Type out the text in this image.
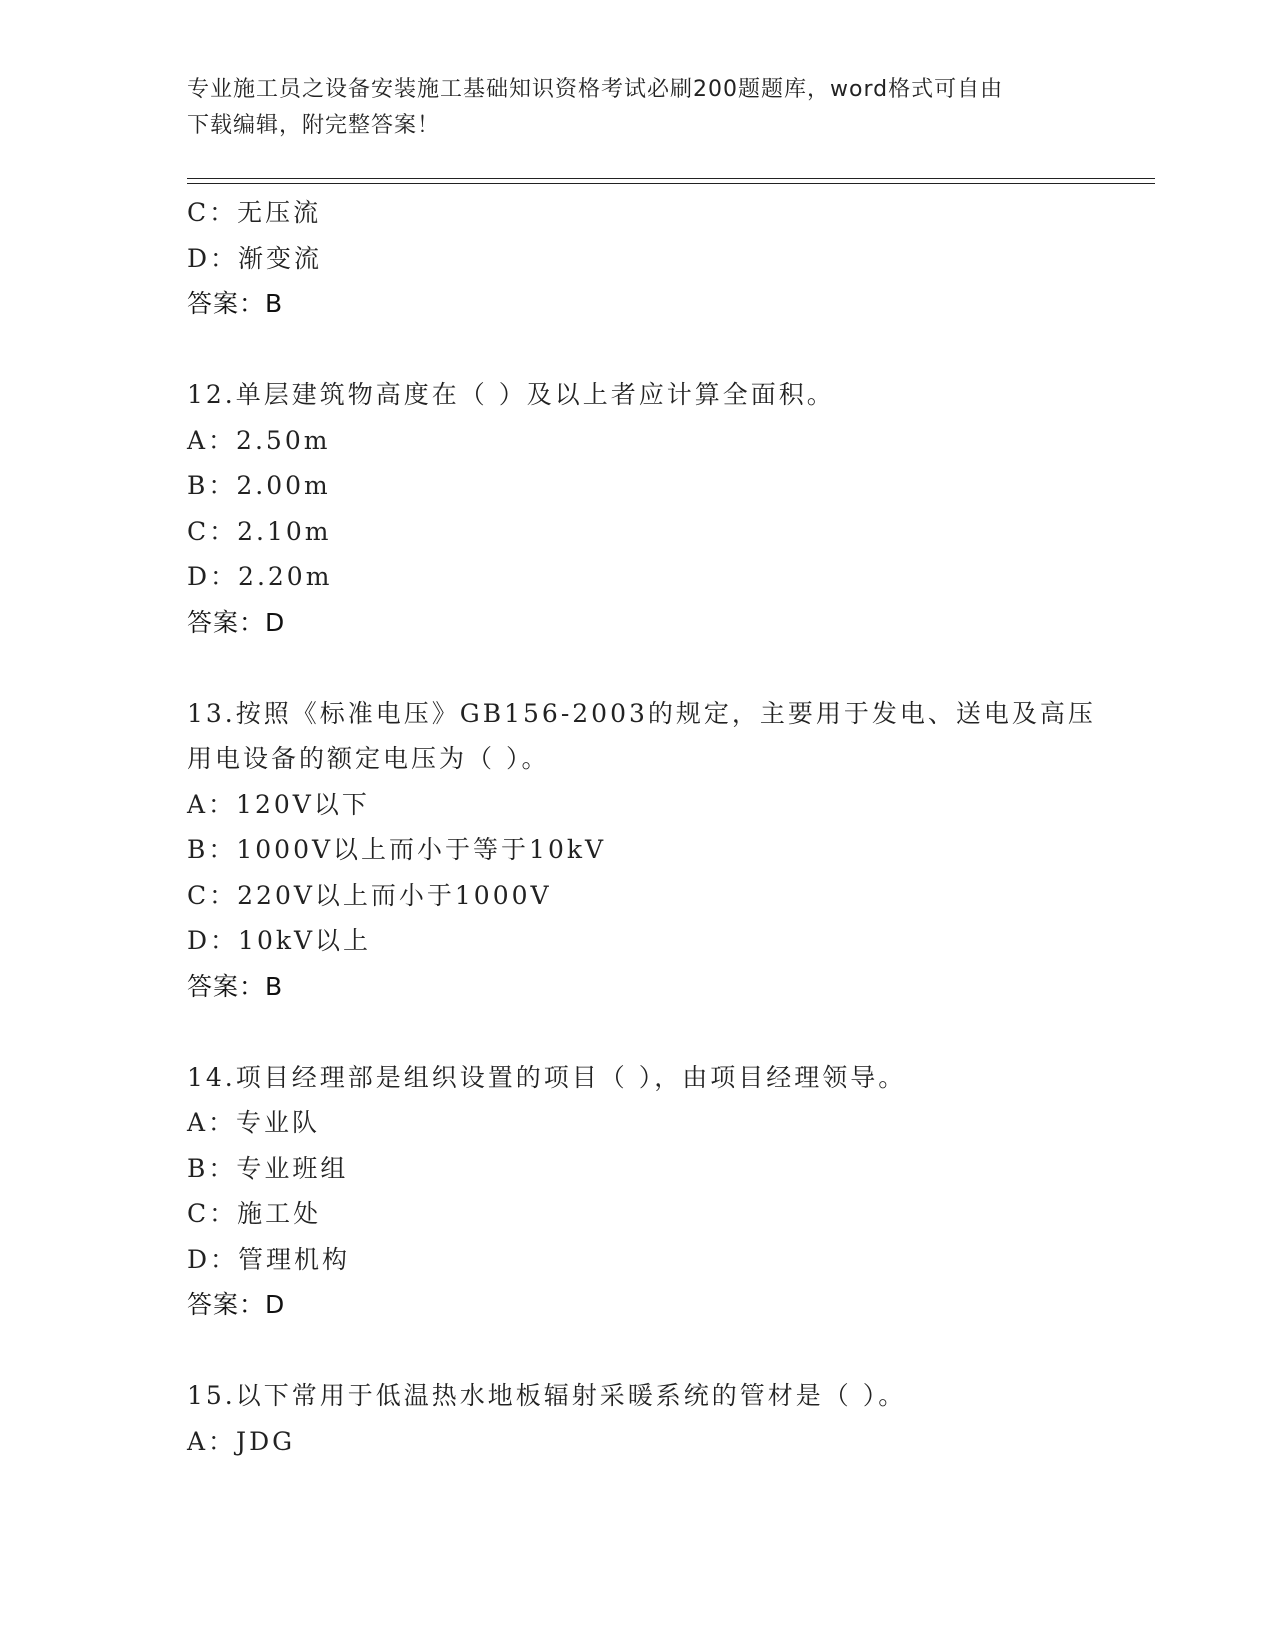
专业施工员之设备安装施工基础知识资格考试必刷200题题库，word格式可自由
下载编辑，附完整答案！
C：无压流
D：渐变流
答案：B
12.单层建筑物高度在（ ）及以上者应计算全面积。
A：2.50m
B：2.00m
C：2.10m
D：2.20m
答案：D
13.按照《标准电压》GB156-2003的规定，主要用于发电、送电及高压
用电设备的额定电压为（ ）。
A：120V以下
B：1000V以上而小于等于10kV
C：220V以上而小于1000V
D：10kV以上
答案：B
14.项目经理部是组织设置的项目（ ），由项目经理领导。
A：专业队
B：专业班组
C：施工处
D：管理机构
答案：D
15.以下常用于低温热水地板辐射采暖系统的管材是（ ）。
A：JDG
